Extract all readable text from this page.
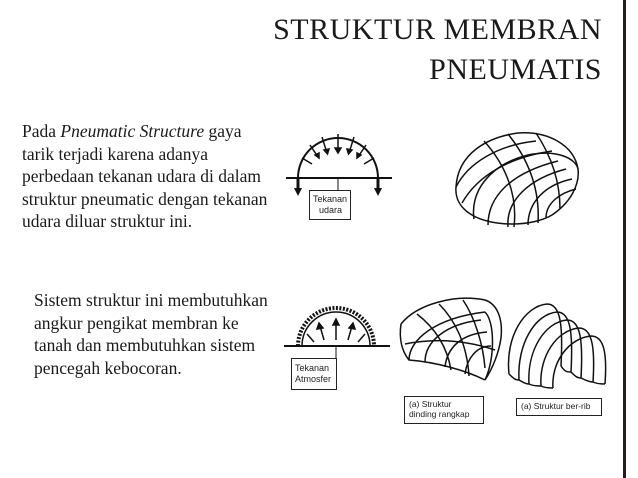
STRUKTUR MEMBRAN
PNEUMATIS
Pada Pneumatic Structure gaya tarik terjadi karena adanya perbedaan tekanan udara di dalam struktur pneumatic dengan tekanan udara diluar struktur ini.
Sistem struktur ini membutuhkan angkur pengikat membran ke tanah dan membutuhkan sistem pencegah kebocoran.
Tekanan
udara
Tekanan
Atmosfer
(a) Struktur dinding rangkap
(a) Struktur ber-rib
